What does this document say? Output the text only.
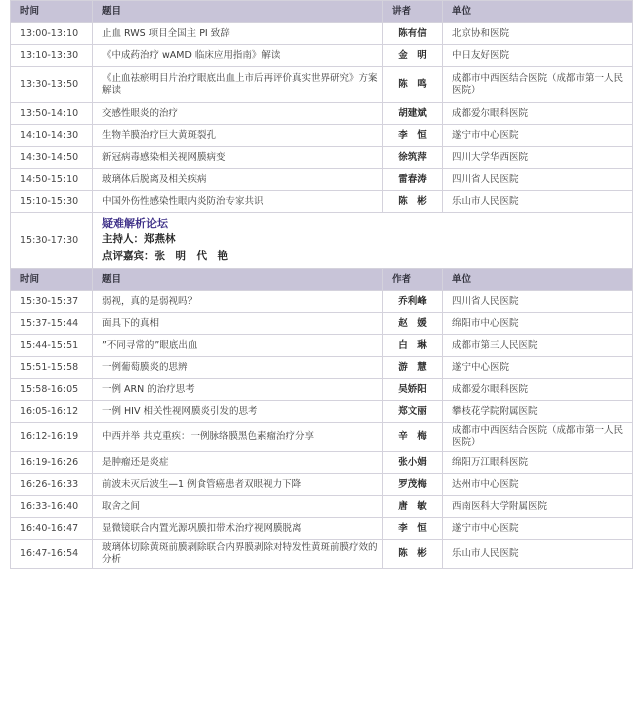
时间	题目	讲者	单位
13:00-13:10	止血 RWS 项目全国主 PI 致辞	陈有信	北京协和医院
13:10-13:30	《中成药治疗 wAMD 临床应用指南》解读	金　明	中日友好医院
13:30-13:50	《止血祛瘀明目片治疗眼底出血上市后再评价真实世界研究》方案解读	陈　鸣	成都市中西医结合医院（成都市第一人民医院）
13:50-14:10	交感性眼炎的治疗	胡建斌	成都爱尔眼科医院
14:10-14:30	生物羊膜治疗巨大黄斑裂孔	李　恒	遂宁市中心医院
14:30-14:50	新冠病毒感染相关视网膜病变	徐筑萍	四川大学华西医院
14:50-15:10	玻璃体后脱离及相关疾病	雷春涛	四川省人民医院
15:10-15:30	中国外伤性感染性眼内炎防治专家共识	陈　彬	乐山市人民医院
15:30-17:30	疑难解析论坛
主持人：郑燕林
点评嘉宾：张　明　代　艳		

时间	题目	作者	单位
15:30-15:37	弱视，真的是弱视吗？	乔利峰	四川省人民医院
15:37-15:44	面具下的真相	赵　媛	绵阳市中心医院
15:44-15:51	”不同寻常的”眼底出血	白　琳	成都市第三人民医院
15:51-15:58	一例葡萄膜炎的思辨	游　慧	遂宁中心医院
15:58-16:05	一例 ARN 的治疗思考	吴娇阳	成都爱尔眼科医院
16:05-16:12	一例 HIV 相关性视网膜炎引发的思考	郑文丽	攀枝花学院附属医院
16:12-16:19	中西并举 共克重疾：一例脉络膜黑色素瘤治疗分享	辛　梅	成都市中西医结合医院（成都市第一人民医院）
16:19-16:26	是肿瘤还是炎症	张小娟	绵阳万江眼科医院
16:26-16:33	前波未灭后波生—1 例食管癌患者双眼视力下降	罗茂梅	达州市中心医院
16:33-16:40	取舍之间	唐　敏	西南医科大学附属医院
16:40-16:47	显微镜联合内置光源巩膜扣带术治疗视网膜脱离	李　恒	遂宁市中心医院
16:47-16:54	玻璃体切除黄斑前膜剥除联合内界膜剥除对特发性黄斑前膜疗效的分析	陈　彬	乐山市人民医院
